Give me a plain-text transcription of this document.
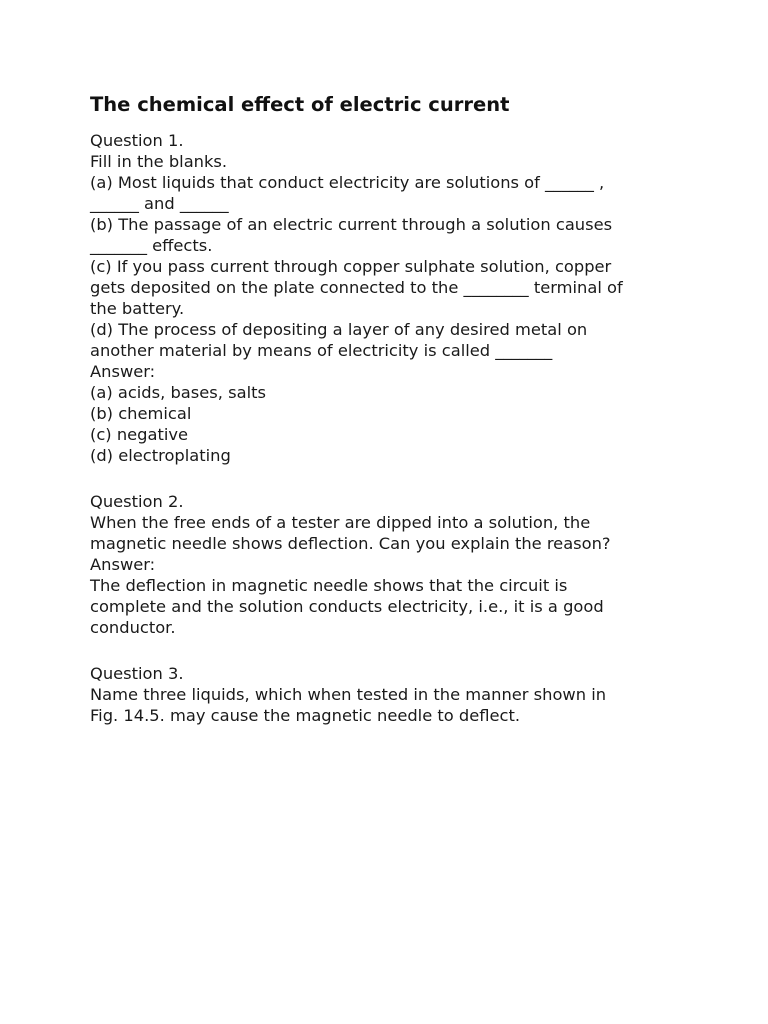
The chemical effect of electric current
Question 1.
Fill in the blanks.
(a) Most liquids that conduct electricity are solutions of ______ ,
______ and ______
(b) The passage of an electric current through a solution causes
_______ effects.
(c) If you pass current through copper sulphate solution, copper
gets deposited on the plate connected to the ________ terminal of
the battery.
(d) The process of depositing a layer of any desired metal on
another material by means of electricity is called _______
Answer:
(a) acids, bases, salts
(b) chemical
(c) negative
(d) electroplating
Question 2.
When the free ends of a tester are dipped into a solution, the
magnetic needle shows deflection. Can you explain the reason?
Answer:
The deflection in magnetic needle shows that the circuit is
complete and the solution conducts electricity, i.e., it is a good
conductor.
Question 3.
Name three liquids, which when tested in the manner shown in
Fig. 14.5. may cause the magnetic needle to deflect.
